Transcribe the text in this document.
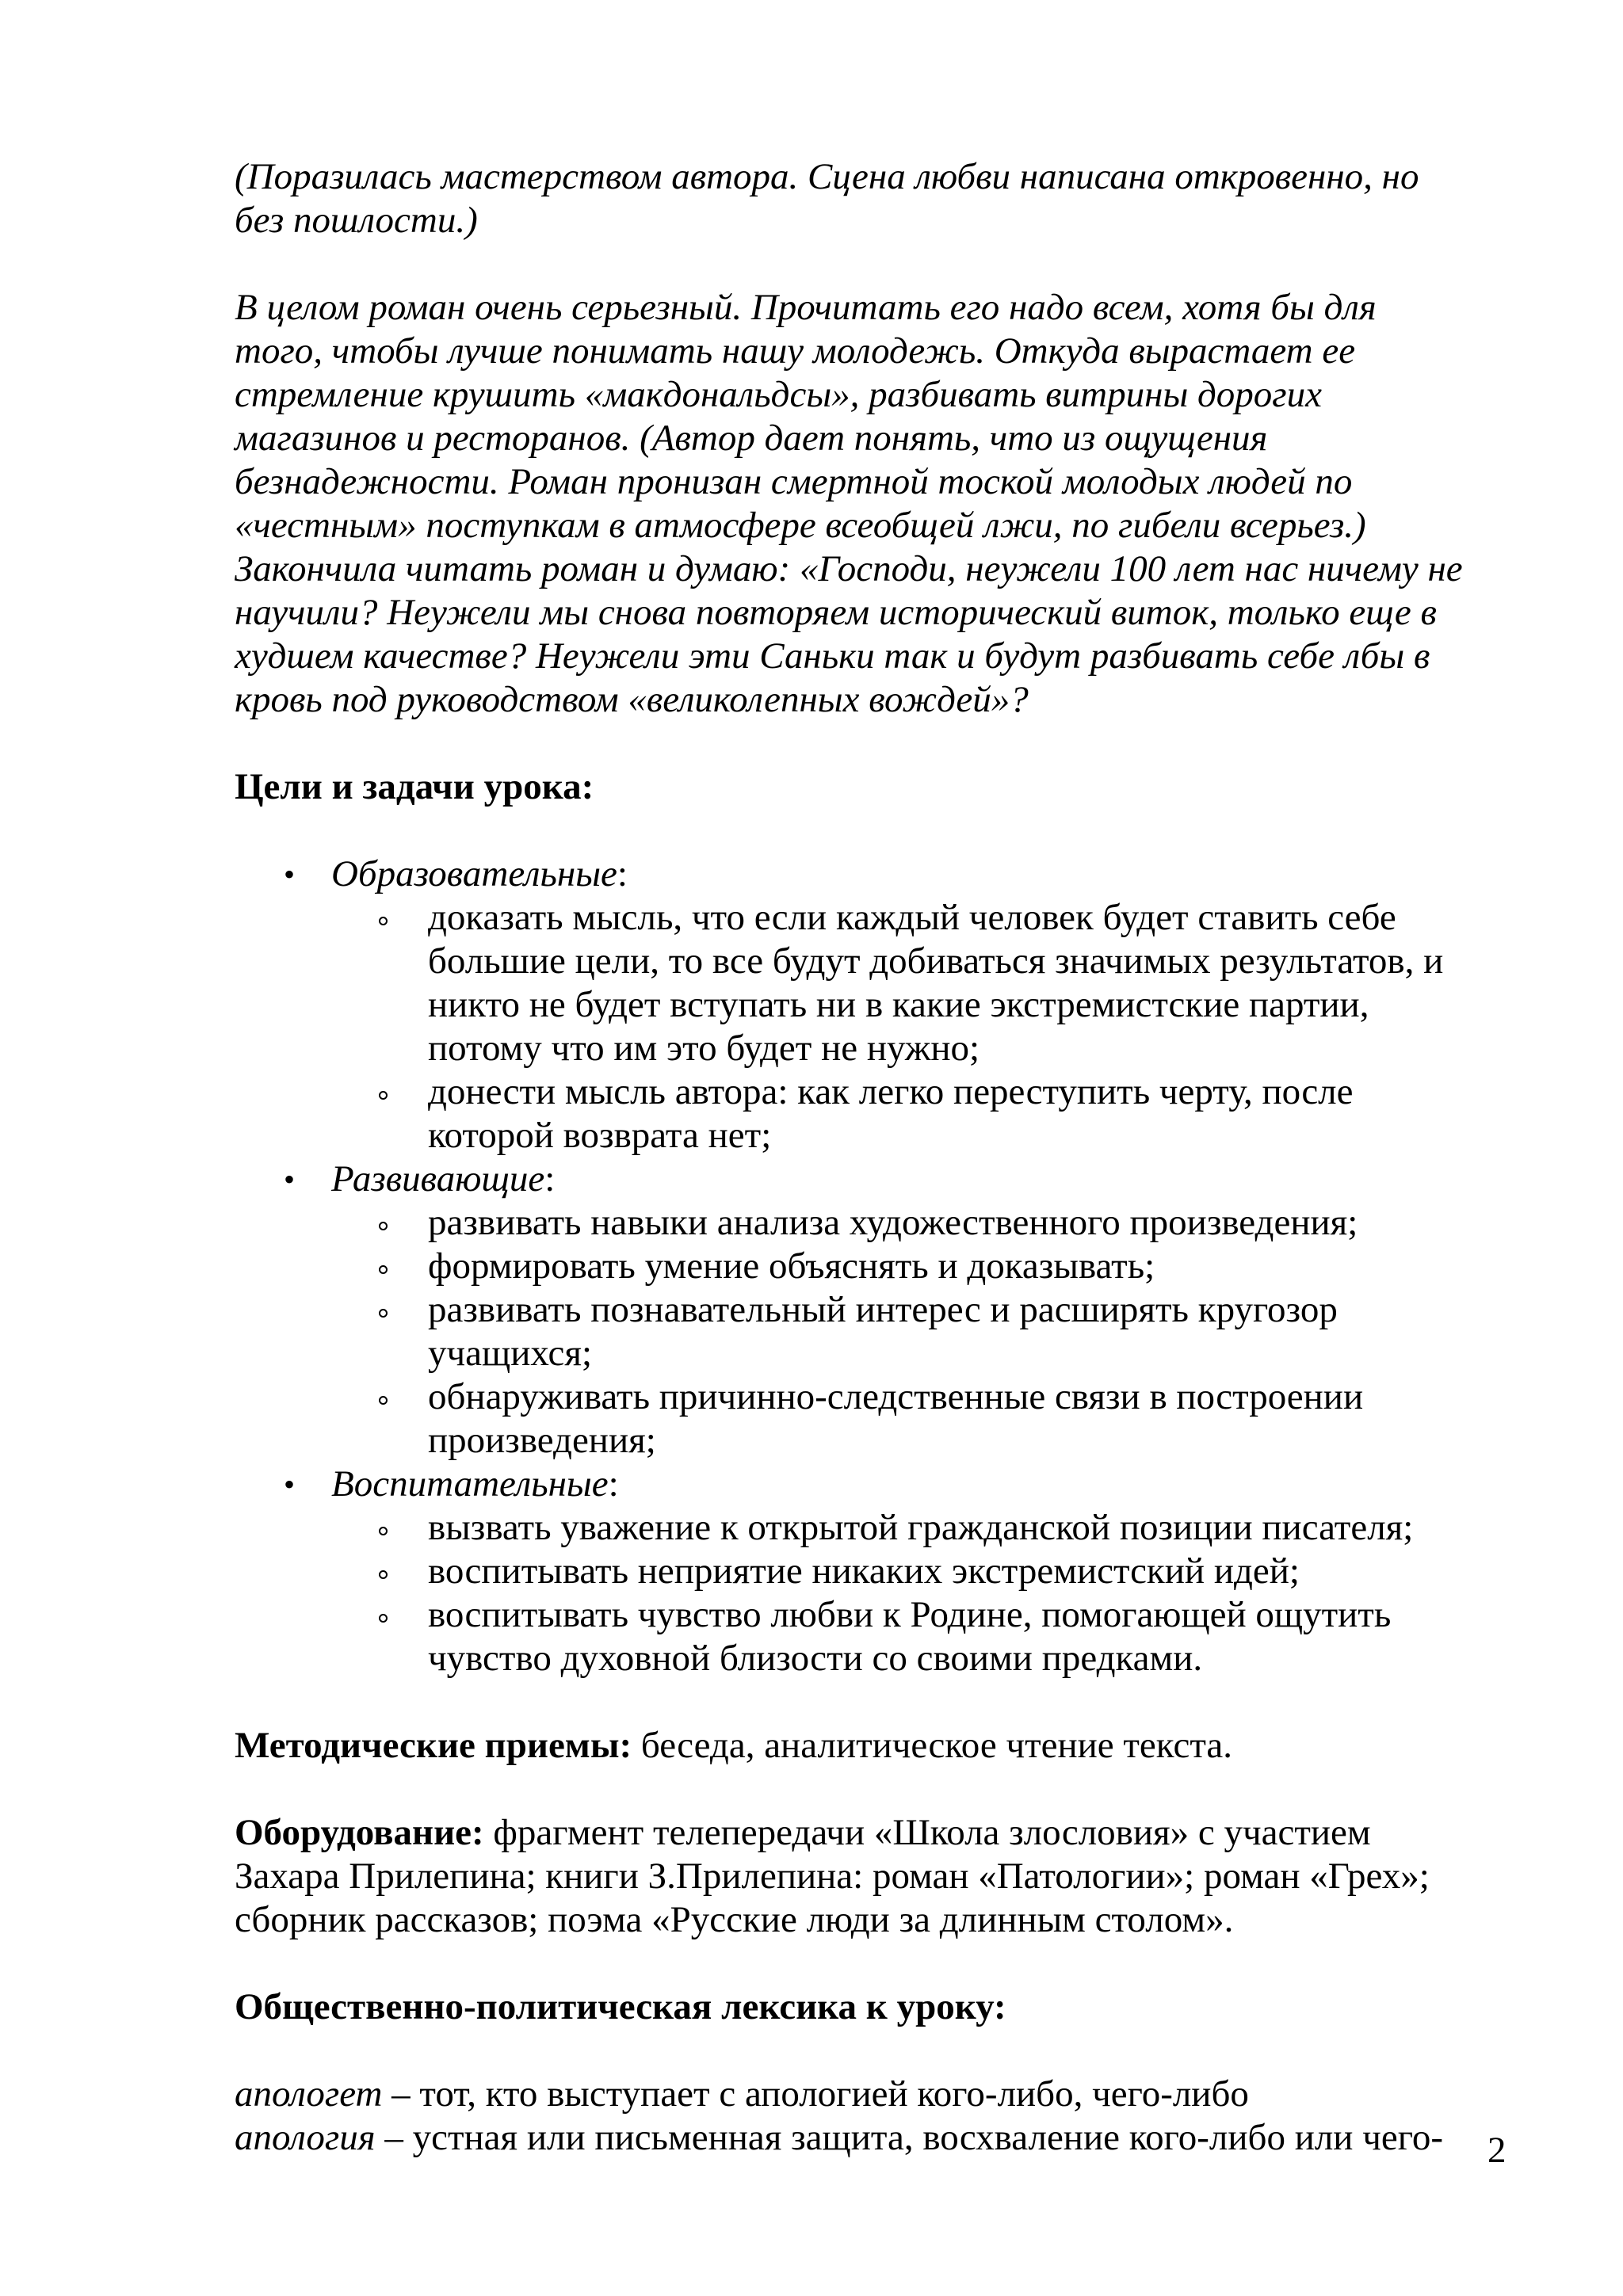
(Поразилась мастерством автора. Сцена любви написана откровенно, но

без пошлости.)

В целом роман очень серьезный. Прочитать его надо всем, хотя бы для

того, чтобы лучше понимать нашу молодежь. Откуда вырастает ее

стремление крушить «макдональдсы», разбивать витрины дорогих

магазинов и ресторанов. (Автор дает понять, что из ощущения

безнадежности. Роман пронизан смертной тоской молодых людей по

«честным» поступкам в атмосфере всеобщей лжи, по гибели всерьез.)

Закончила читать роман и думаю: «Господи, неужели 100 лет нас ничему не

научили? Неужели мы снова повторяем исторический виток, только еще в

худшем качестве? Неужели эти Саньки так и будут разбивать себе лбы в

кровь под руководством «великолепных вождей»?

Цели и задачи урока:

• Образовательные:

доказать мысль, что если каждый человек будет ставить себе

большие цели, то все будут добиваться значимых результатов, и

никто не будет вступать ни в какие экстремистские партии,

потому что им это будет не нужно;

донести мысль автора: как легко переступить черту, после

которой возврата нет;

• Развивающие:

развивать навыки анализа художественного произведения;

формировать умение объяснять и доказывать;

развивать познавательный интерес и расширять кругозор

учащихся;

обнаруживать причинно-следственные связи в построении

произведения;

• Воспитательные:

вызвать уважение к открытой гражданской позиции писателя;

воспитывать неприятие никаких экстремистский идей;

воспитывать чувство любви к Родине, помогающей ощутить

чувство духовной близости со своими предками.

Методические приемы: беседа, аналитическое чтение текста.

Оборудование: фрагмент телепередачи «Школа злословия» с участием

Захара Прилепина; книги З.Прилепина: роман «Патологии»; роман «Грех»;

сборник рассказов; поэма «Русские люди за длинным столом».

Общественно-политическая лексика к уроку:

апологет – тот, кто выступает с апологией кого-либо, чего-либо

апология – устная или письменная защита, восхваление кого-либо или чего-	2
